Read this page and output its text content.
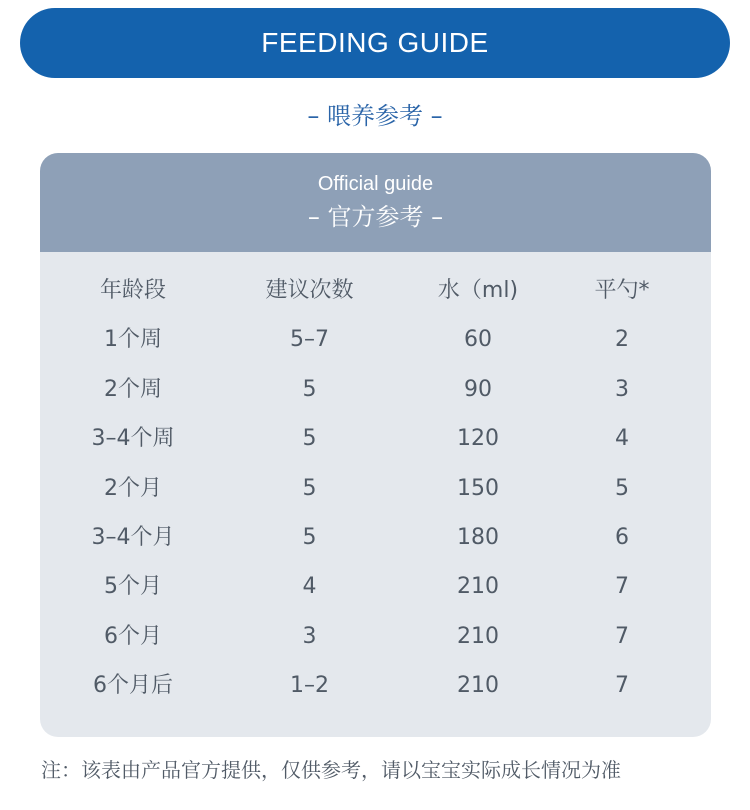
FEEDING GUIDE
– 喂养参考 –
Official guide
– 官方参考 –
年龄段	建议次数	水（ml)	平勺*
1个周	5–7	60	2
2个周	5	90	3
3–4个周	5	120	4
2个月	5	150	5
3–4个月	5	180	6
5个月	4	210	7
6个月	3	210	7
6个月后	1–2	210	7
注：该表由产品官方提供，仅供参考，请以宝宝实际成长情况为准
